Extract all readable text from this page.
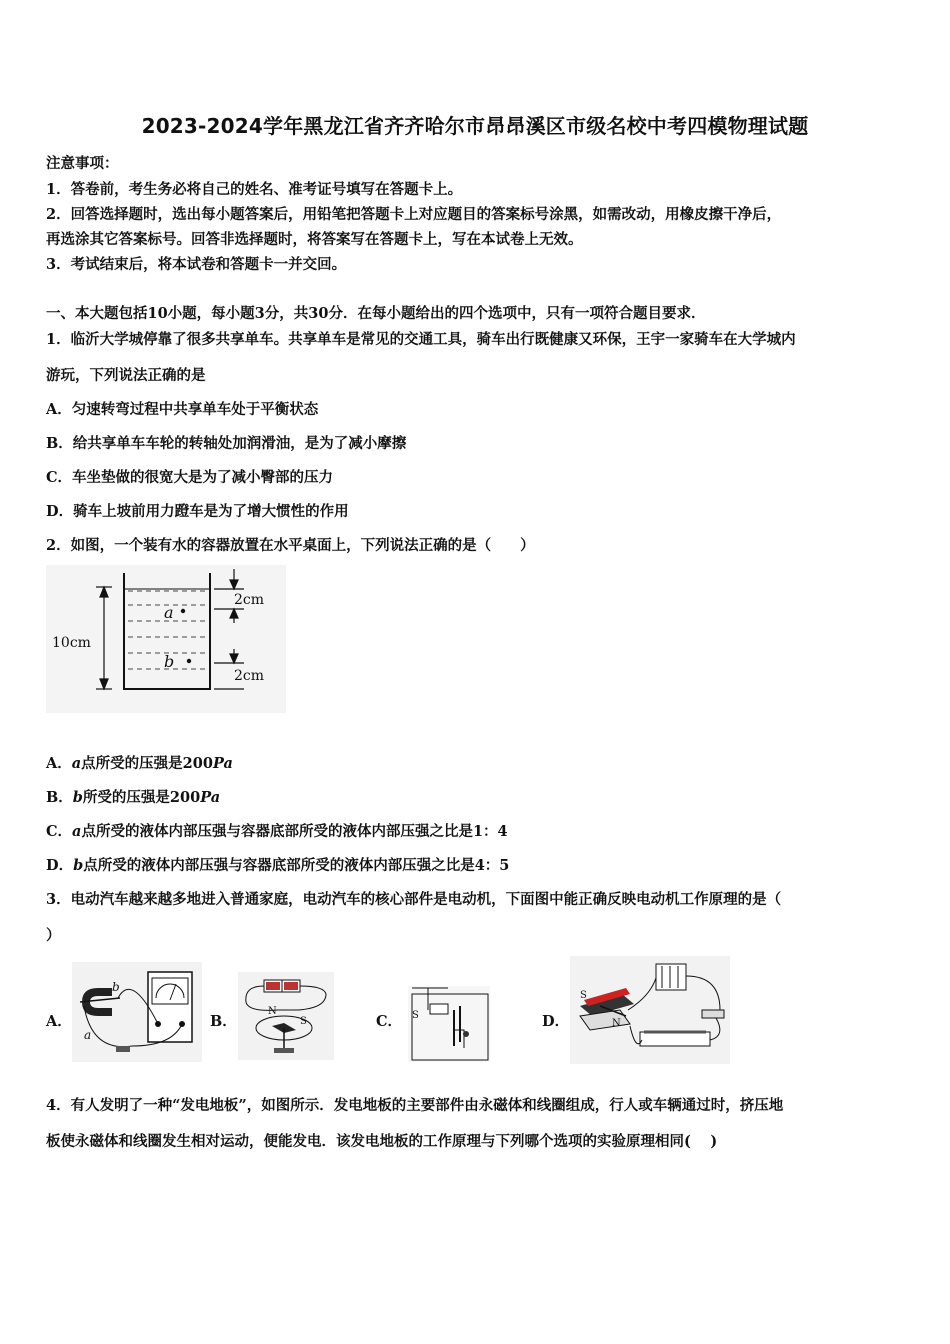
2023-2024学年黑龙江省齐齐哈尔市昂昂溪区市级名校中考四模物理试题
注意事项：
1．答卷前，考生务必将自己的姓名、准考证号填写在答题卡上。
2．回答选择题时，选出每小题答案后，用铅笔把答题卡上对应题目的答案标号涂黑，如需改动，用橡皮擦干净后，
再选涂其它答案标号。回答非选择题时，将答案写在答题卡上，写在本试卷上无效。
3．考试结束后，将本试卷和答题卡一并交回。
一、本大题包括10小题，每小题3分，共30分．在每小题给出的四个选项中，只有一项符合题目要求．
1．临沂大学城停靠了很多共享单车。共享单车是常见的交通工具，骑车出行既健康又环保，王宇一家骑车在大学城内
游玩，下列说法正确的是
A．匀速转弯过程中共享单车处于平衡状态
B．给共享单车车轮的转轴处加润滑油，是为了减小摩擦
C．车坐垫做的很宽大是为了减小臀部的压力
D．骑车上坡前用力蹬车是为了增大惯性的作用
2．如图，一个装有水的容器放置在水平桌面上，下列说法正确的是（　　）
10cm
2cm
2cm
a
b
A．a点所受的压强是200Pa
B．b所受的压强是200Pa
C．a点所受的液体内部压强与容器底部所受的液体内部压强之比是1：4
D．b点所受的液体内部压强与容器底部所受的液体内部压强之比是4：5
3．电动汽车越来越多地进入普通家庭，电动汽车的核心部件是电动机，下面图中能正确反映电动机工作原理的是（
）
A．	B．	C．	D．
b
a
N
S
S
S
N
4．有人发明了一种“发电地板”，如图所示．发电地板的主要部件由永磁体和线圈组成，行人或车辆通过时，挤压地
板使永磁体和线圈发生相对运动，便能发电．该发电地板的工作原理与下列哪个选项的实验原理相同(　 )
